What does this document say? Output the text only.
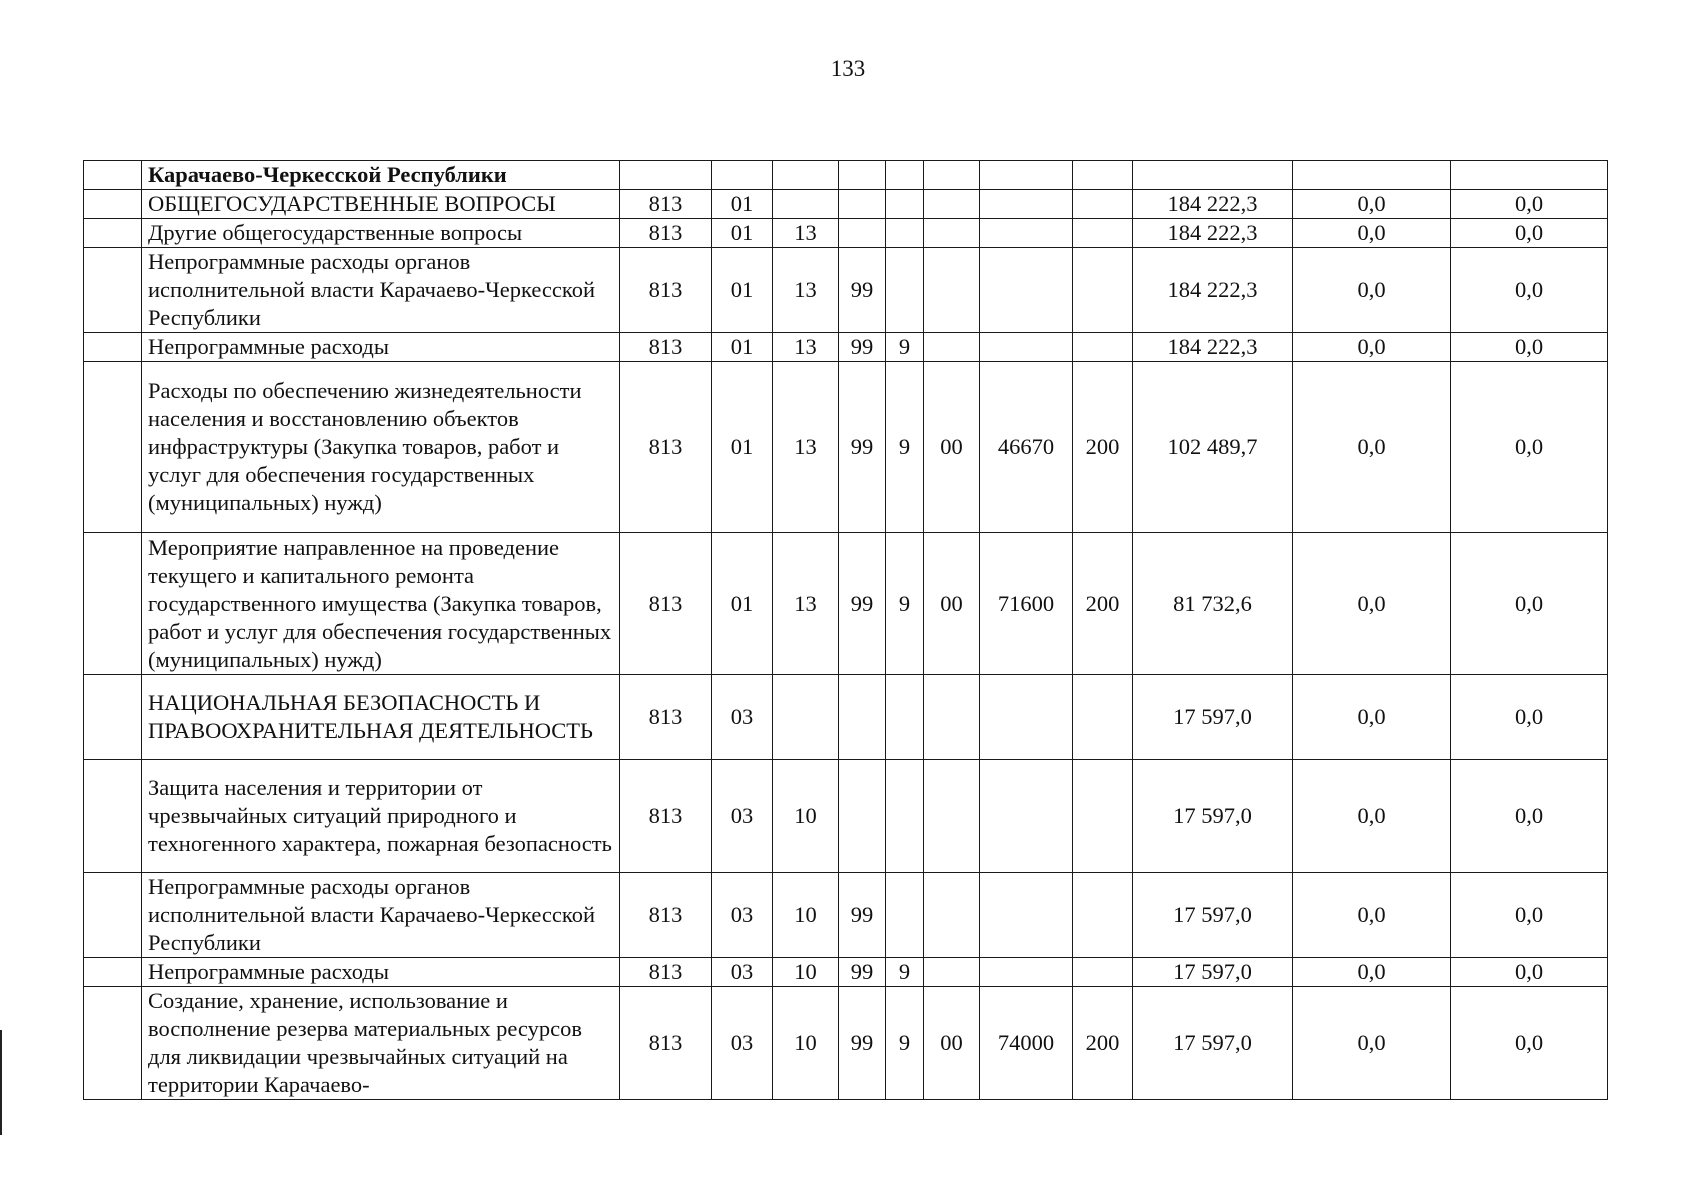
133
	Карачаево-Черкесской Республики											
	ОБЩЕГОСУДАРСТВЕННЫЕ ВОПРОСЫ	813	01							184 222,3	0,0	0,0
	Другие общегосударственные вопросы	813	01	13						184 222,3	0,0	0,0
	Непрограммные расходы органов исполнительной власти Карачаево-Черкесской Республики	813	01	13	99					184 222,3	0,0	0,0
	Непрограммные расходы	813	01	13	99	9				184 222,3	0,0	0,0
	Расходы по обеспечению жизнедеятельности населения и восстановлению объектов инфраструктуры (Закупка товаров, работ и услуг для обеспечения государственных (муниципальных) нужд)	813	01	13	99	9	00	46670	200	102 489,7	0,0	0,0
	Мероприятие направленное на проведение текущего и капитального ремонта государственного имущества (Закупка товаров, работ и услуг для обеспечения государственных (муниципальных) нужд)	813	01	13	99	9	00	71600	200	81 732,6	0,0	0,0
	НАЦИОНАЛЬНАЯ БЕЗОПАСНОСТЬ И ПРАВООХРАНИТЕЛЬНАЯ ДЕЯТЕЛЬНОСТЬ	813	03							17 597,0	0,0	0,0
	Защита населения и территории от чрезвычайных ситуаций природного и техногенного характера, пожарная безопасность	813	03	10						17 597,0	0,0	0,0
	Непрограммные расходы органов исполнительной власти Карачаево-Черкесской Республики	813	03	10	99					17 597,0	0,0	0,0
	Непрограммные расходы	813	03	10	99	9				17 597,0	0,0	0,0
	Создание, хранение, использование и восполнение резерва материальных ресурсов для ликвидации чрезвычайных ситуаций на территории Карачаево-	813	03	10	99	9	00	74000	200	17 597,0	0,0	0,0
